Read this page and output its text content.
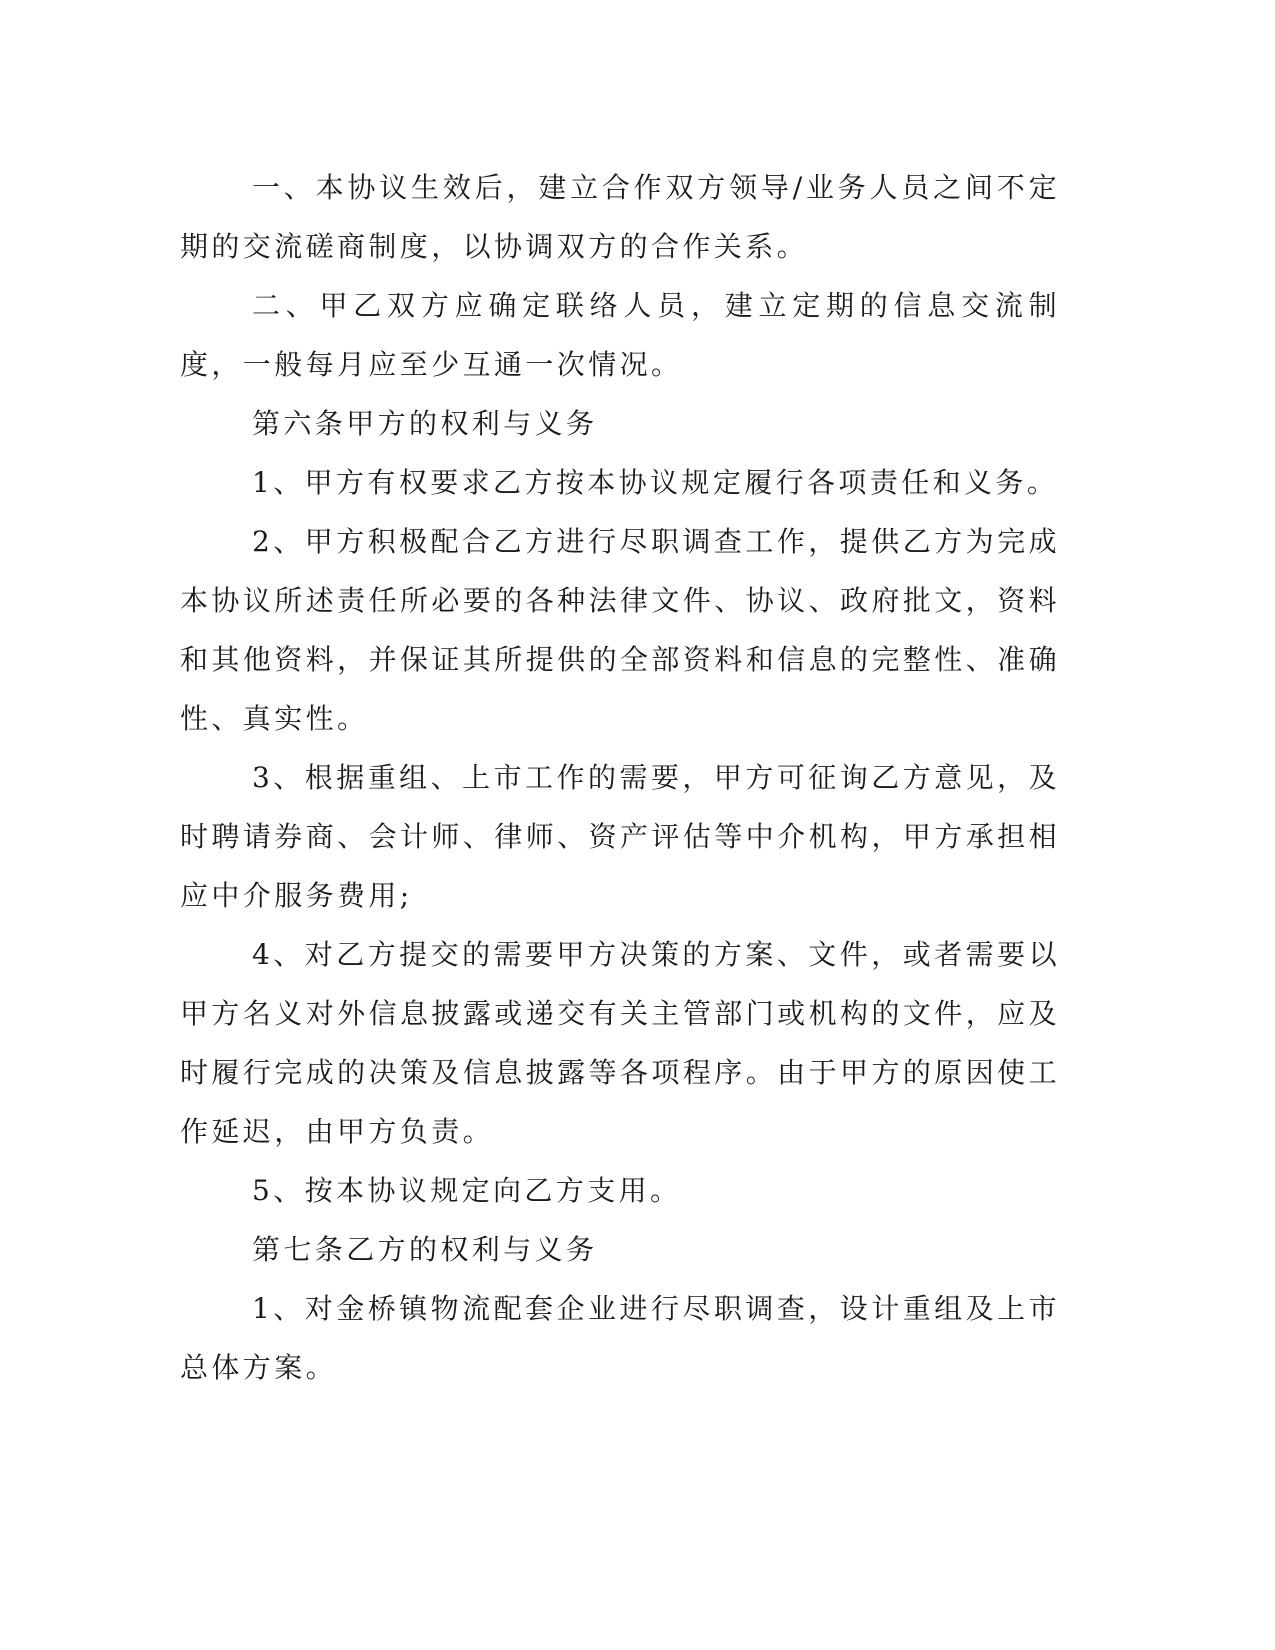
一、本协议生效后，建立合作双方领导/业务人员之间不定期的交流磋商制度，以协调双方的合作关系。

二、甲乙双方应确定联络人员，建立定期的信息交流制度，一般每月应至少互通一次情况。

第六条甲方的权利与义务

1、甲方有权要求乙方按本协议规定履行各项责任和义务。

2、甲方积极配合乙方进行尽职调查工作，提供乙方为完成本协议所述责任所必要的各种法律文件、协议、政府批文，资料和其他资料，并保证其所提供的全部资料和信息的完整性、准确性、真实性。

3、根据重组、上市工作的需要，甲方可征询乙方意见，及时聘请券商、会计师、律师、资产评估等中介机构，甲方承担相应中介服务费用;

4、对乙方提交的需要甲方决策的方案、文件，或者需要以甲方名义对外信息披露或递交有关主管部门或机构的文件，应及时履行完成的决策及信息披露等各项程序。由于甲方的原因使工作延迟，由甲方负责。

5、按本协议规定向乙方支用。

第七条乙方的权利与义务

1、对金桥镇物流配套企业进行尽职调查，设计重组及上市总体方案。
